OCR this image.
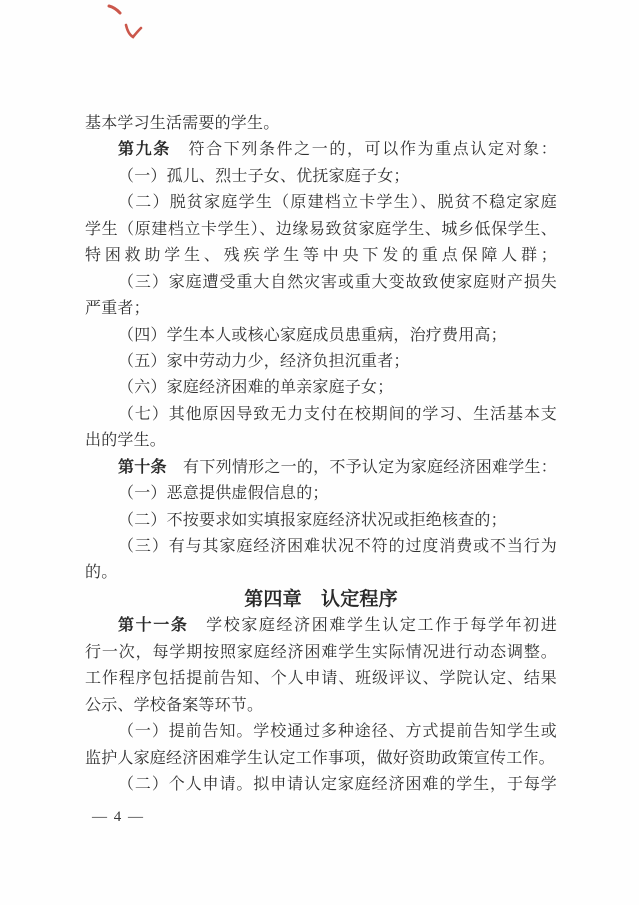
基本学习生活需要的学生。
第九条　符合下列条件之一的，可以作为重点认定对象：
（一）孤儿、烈士子女、优抚家庭子女；
（二）脱贫家庭学生（原建档立卡学生）、脱贫不稳定家庭
学生（原建档立卡学生）、边缘易致贫家庭学生、城乡低保学生、
特困救助学生、残疾学生等中央下发的重点保障人群；
（三）家庭遭受重大自然灾害或重大变故致使家庭财产损失
严重者；
（四）学生本人或核心家庭成员患重病，治疗费用高；
（五）家中劳动力少，经济负担沉重者；
（六）家庭经济困难的单亲家庭子女；
（七）其他原因导致无力支付在校期间的学习、生活基本支
出的学生。
第十条　有下列情形之一的，不予认定为家庭经济困难学生：
（一）恶意提供虚假信息的；
（二）不按要求如实填报家庭经济状况或拒绝核查的；
（三）有与其家庭经济困难状况不符的过度消费或不当行为
的。
第四章　认定程序
第十一条　学校家庭经济困难学生认定工作于每学年初进
行一次，每学期按照家庭经济困难学生实际情况进行动态调整。
工作程序包括提前告知、个人申请、班级评议、学院认定、结果
公示、学校备案等环节。
（一）提前告知。学校通过多种途径、方式提前告知学生或
监护人家庭经济困难学生认定工作事项，做好资助政策宣传工作。
（二）个人申请。拟申请认定家庭经济困难的学生，于每学
— 4 —
